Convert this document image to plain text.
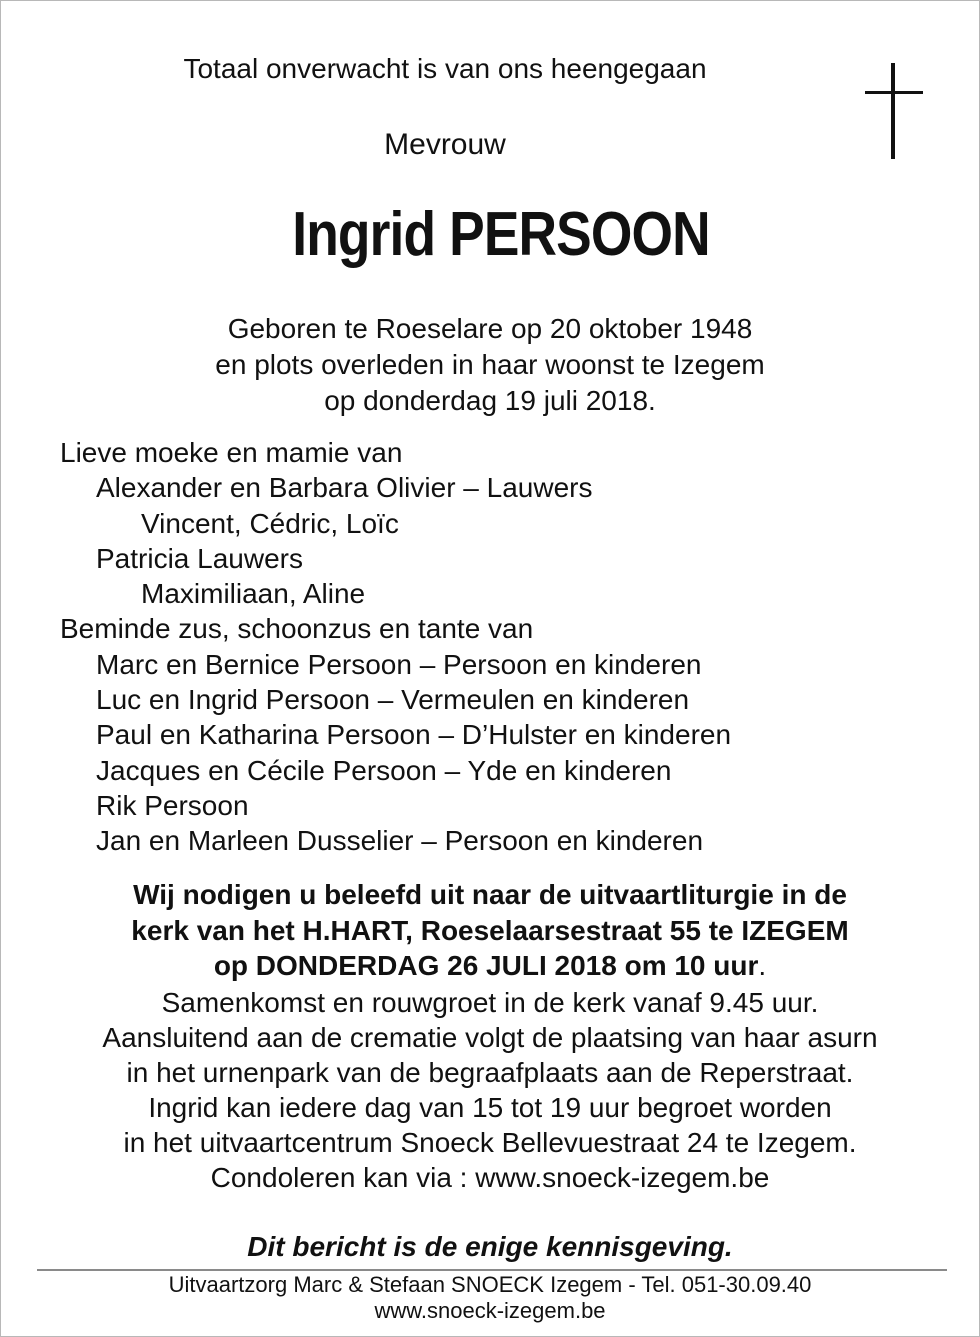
Totaal onverwacht is van ons heengegaan
Mevrouw
Ingrid PERSOON
Geboren te Roeselare op 20 oktober 1948
en plots overleden in haar woonst te Izegem
op donderdag 19 juli 2018.
Lieve moeke en mamie van
Alexander en Barbara Olivier – Lauwers
Vincent, Cédric, Loïc
Patricia Lauwers
Maximiliaan, Aline
Beminde zus, schoonzus en tante van
Marc en Bernice Persoon – Persoon en kinderen
Luc en Ingrid Persoon – Vermeulen en kinderen
Paul en Katharina Persoon – D’Hulster en kinderen
Jacques en Cécile Persoon – Yde en kinderen
Rik Persoon
Jan en Marleen Dusselier – Persoon en kinderen
Wij nodigen u beleefd uit naar de uitvaartliturgie in de
kerk van het H.HART, Roeselaarsestraat 55 te IZEGEM
op DONDERDAG 26 JULI 2018 om 10 uur.
Samenkomst en rouwgroet in de kerk vanaf 9.45 uur.
Aansluitend aan de crematie volgt de plaatsing van haar asurn
in het urnenpark van de begraafplaats aan de Reperstraat.
Ingrid kan iedere dag van 15 tot 19 uur begroet worden
in het uitvaartcentrum Snoeck Bellevuestraat 24 te Izegem.
Condoleren kan via : www.snoeck-izegem.be
Dit bericht is de enige kennisgeving.
Uitvaartzorg Marc & Stefaan SNOECK Izegem - Tel. 051-30.09.40
www.snoeck-izegem.be
